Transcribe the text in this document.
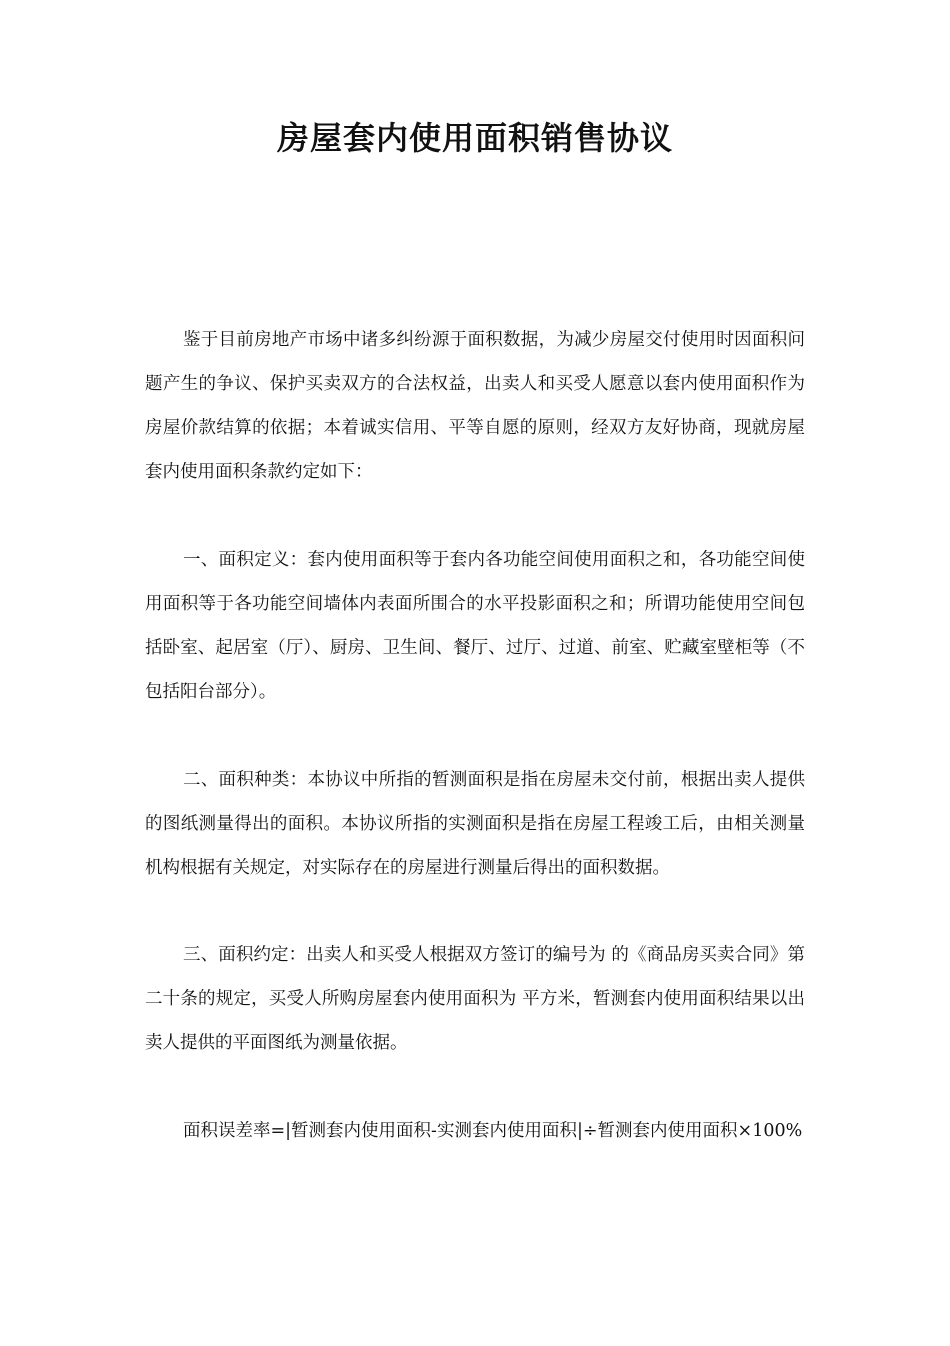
房屋套内使用面积销售协议

鉴于目前房地产市场中诸多纠纷源于面积数据，为减少房屋交付使用时因面积问题产生的争议、保护买卖双方的合法权益，出卖人和买受人愿意以套内使用面积作为房屋价款结算的依据；本着诚实信用、平等自愿的原则，经双方友好协商，现就房屋套内使用面积条款约定如下：

一、面积定义：套内使用面积等于套内各功能空间使用面积之和，各功能空间使用面积等于各功能空间墙体内表面所围合的水平投影面积之和；所谓功能使用空间包括卧室、起居室（厅）、厨房、卫生间、餐厅、过厅、过道、前室、贮藏室壁柜等（不包括阳台部分）。

二、面积种类：本协议中所指的暂测面积是指在房屋未交付前，根据出卖人提供的图纸测量得出的面积。本协议所指的实测面积是指在房屋工程竣工后，由相关测量机构根据有关规定，对实际存在的房屋进行测量后得出的面积数据。

三、面积约定：出卖人和买受人根据双方签订的编号为 的《商品房买卖合同》第二十条的规定，买受人所购房屋套内使用面积为 平方米，暂测套内使用面积结果以出卖人提供的平面图纸为测量依据。

面积误差率=|暂测套内使用面积-实测套内使用面积|÷暂测套内使用面积×100%
